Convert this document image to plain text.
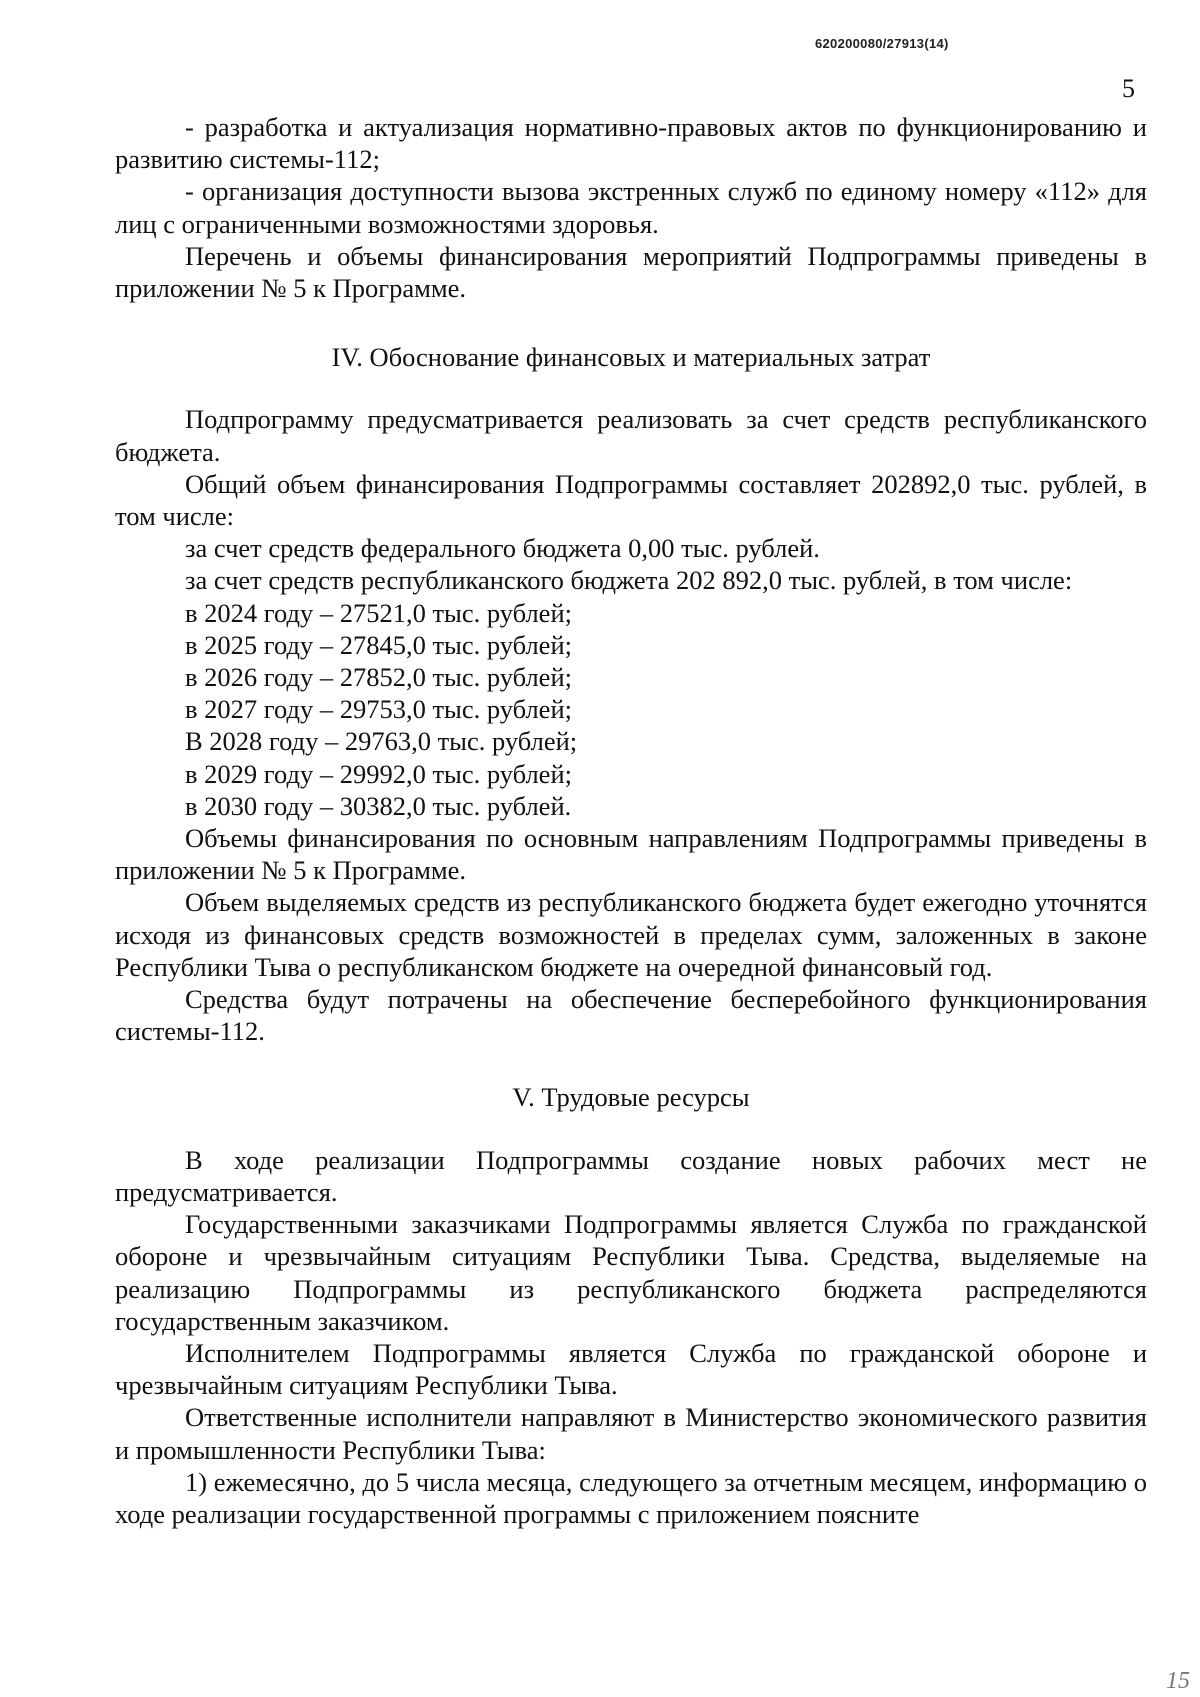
620200080/27913(14)
5

- разработка и актуализация нормативно-правовых актов по функционированию и развитию системы-112;

- организация доступности вызова экстренных служб по единому номеру «112» для лиц с ограниченными возможностями здоровья.

Перечень и объемы финансирования мероприятий Подпрограммы приведены в приложении № 5 к Программе.

IV. Обоснование финансовых и материальных затрат

Подпрограмму предусматривается реализовать за счет средств республиканского бюджета.

Общий объем финансирования Подпрограммы составляет 202892,0 тыс. рублей, в том числе:

за счет средств федерального бюджета 0,00 тыс. рублей.

за счет средств республиканского бюджета 202 892,0 тыс. рублей, в том числе:

в 2024 году – 27521,0 тыс. рублей;

в 2025 году – 27845,0 тыс. рублей;

в 2026 году – 27852,0 тыс. рублей;

в 2027 году – 29753,0 тыс. рублей;

В 2028 году – 29763,0 тыс. рублей;

в 2029 году – 29992,0 тыс. рублей;

в 2030 году – 30382,0 тыс. рублей.

Объемы финансирования по основным направлениям Подпрограммы приведены в приложении № 5 к Программе.

Объем выделяемых средств из республиканского бюджета будет ежегодно уточнятся исходя из финансовых средств возможностей в пределах сумм, заложенных в законе Республики Тыва о республиканском бюджете на очередной финансовый год.

Средства будут потрачены на обеспечение бесперебойного функционирования системы-112.

V. Трудовые ресурсы

В ходе реализации Подпрограммы создание новых рабочих мест не предусматривается.

Государственными заказчиками Подпрограммы является Служба по гражданской обороне и чрезвычайным ситуациям Республики Тыва. Средства, выделяемые на реализацию Подпрограммы из республиканского бюджета распределяются государственным заказчиком.

Исполнителем Подпрограммы является Служба по гражданской обороне и чрезвычайным ситуациям Республики Тыва.

Ответственные исполнители направляют в Министерство экономического развития и промышленности Республики Тыва:

1) ежемесячно, до 5 числа месяца, следующего за отчетным месяцем, информацию о ходе реализации государственной программы с приложением поясните

15
